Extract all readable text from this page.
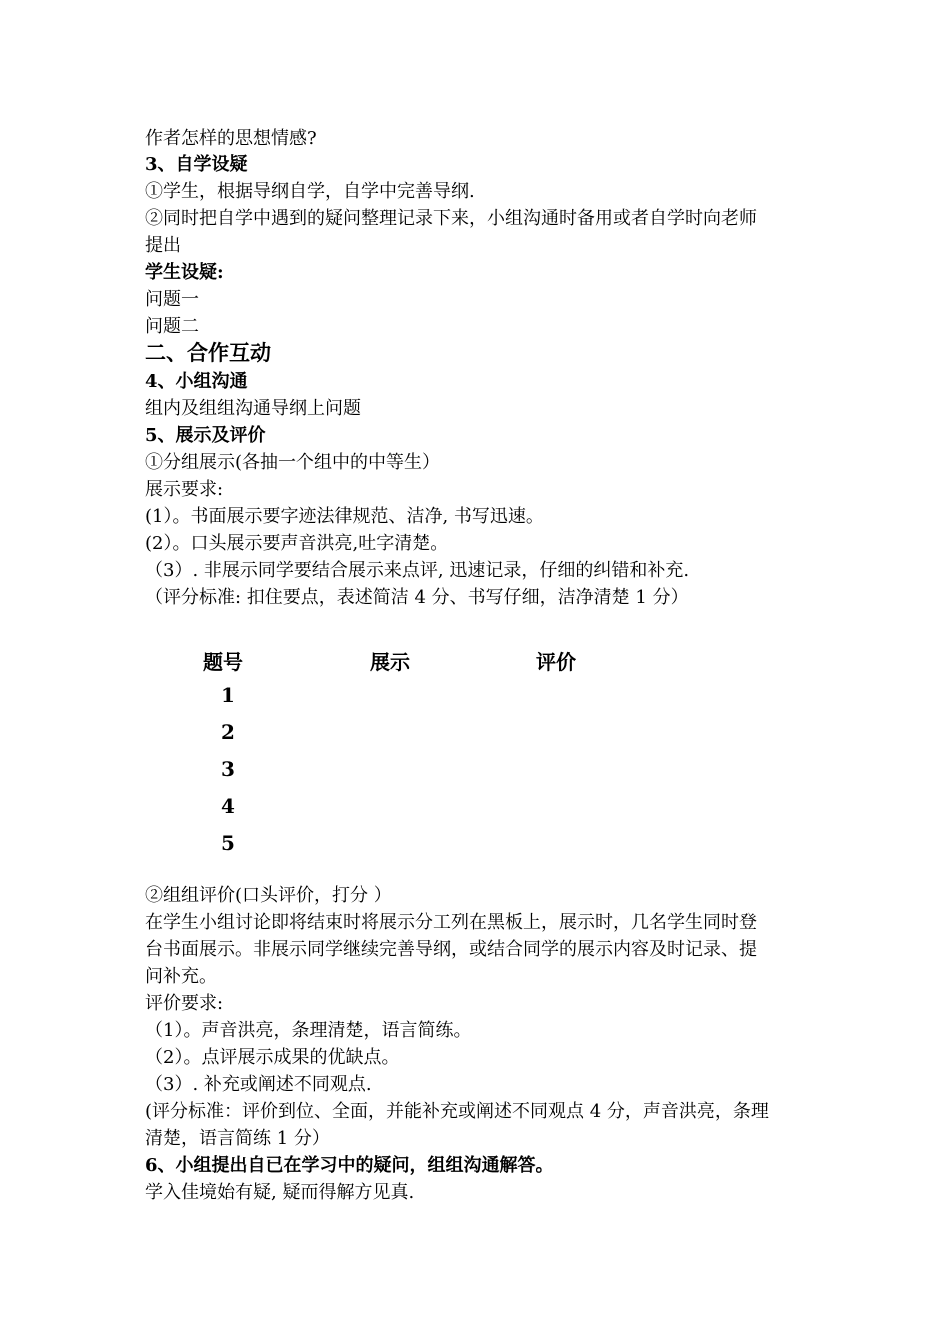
作者怎样的思想情感?
3、自学设疑
①学生，根据导纲自学，自学中完善导纲.
②同时把自学中遇到的疑问整理记录下来，小组沟通时备用或者自学时向老师
提出
学生设疑:
问题一
问题二
二、合作互动
4、小组沟通
组内及组组沟通导纲上问题
5、展示及评价
①分组展示(各抽一个组中的中等生）
展示要求:
(1）。书面展示要字迹法律规范、洁净, 书写迅速。
(2）。口头展示要声音洪亮,吐字清楚。
（3）. 非展示同学要结合展示来点评, 迅速记录，仔细的纠错和补充.
（评分标准: 扣住要点，表述简洁 4 分、书写仔细，洁净清楚 1 分）
题号	展示	评价
1
2
3
4
5
②组组评价(口头评价，打分 ）
在学生小组讨论即将结束时将展示分工列在黑板上，展示时，几名学生同时登
台书面展示。非展示同学继续完善导纲，或结合同学的展示内容及时记录、提
问补充。
评价要求:
（1）。声音洪亮，条理清楚，语言简练。
（2）。点评展示成果的优缺点。
（3）. 补充或阐述不同观点.
(评分标准：评价到位、全面，并能补充或阐述不同观点 4 分，声音洪亮，条理
清楚，语言简练 1 分）
6、小组提出自已在学习中的疑问，组组沟通解答。
学入佳境始有疑, 疑而得解方见真.
